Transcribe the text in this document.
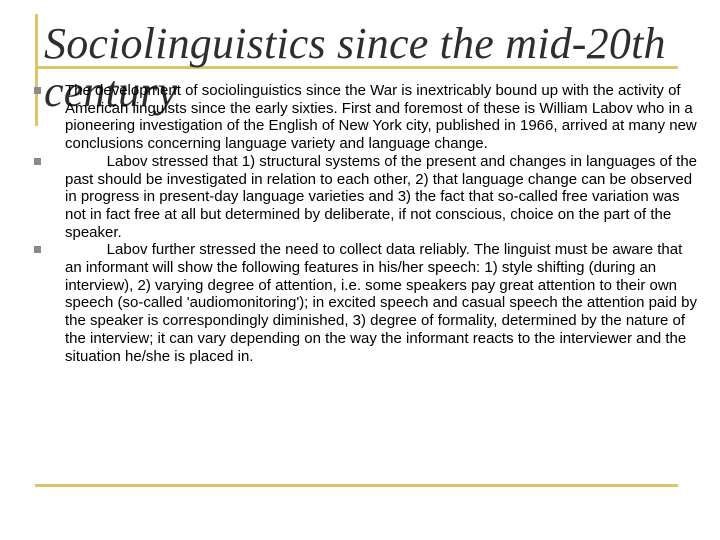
Sociolinguistics since the mid-20th century
The development of sociolinguistics since the War is inextricably bound up with the activity of American linguists since the early sixties. First and foremost of these is William Labov who in a pioneering investigation of the English of New York city, published in 1966, arrived at many new conclusions concerning language variety and language change.
Labov stressed that 1) structural systems of the present and changes in languages of the past should be investigated in relation to each other, 2) that language change can be observed in progress in present-day language varieties and 3) the fact that so-called free variation was not in fact free at all but determined by deliberate, if not conscious, choice on the part of the speaker.
Labov further stressed the need to collect data reliably. The linguist must be aware that an informant will show the following features in his/her speech: 1) style shifting (during an interview), 2) varying degree of attention, i.e. some speakers pay great attention to their own speech (so-called 'audiomonitoring'); in excited speech and casual speech the attention paid by the speaker is correspondingly diminished, 3) degree of formality, determined by the nature of the interview; it can vary depending on the way the informant reacts to the interviewer and the situation he/she is placed in.
